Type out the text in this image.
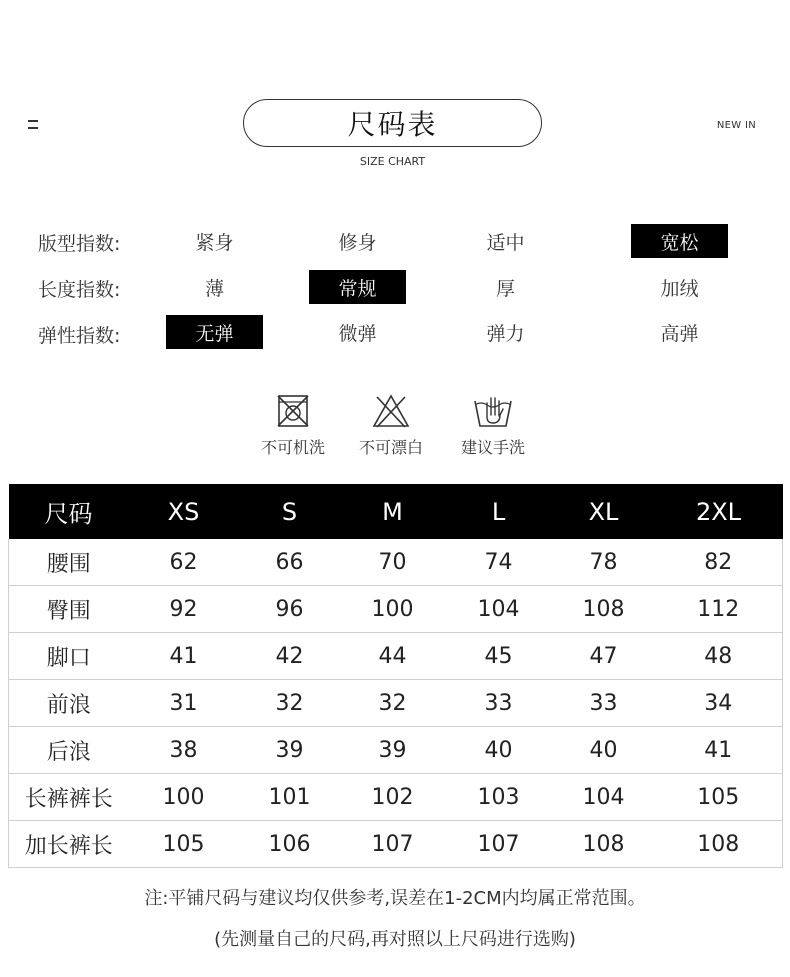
尺码表
SIZE CHART
NEW IN
版型指数:	紧身	修身	适中	宽松
长度指数:	薄	常规	厚	加绒
弹性指数:	无弹	微弹	弹力	高弹
不可机洗	不可漂白	建议手洗
尺码	XS	S	M	L	XL	2XL
腰围	62	66	70	74	78	82
臀围	92	96	100	104	108	112
脚口	41	42	44	45	47	48
前浪	31	32	32	33	33	34
后浪	38	39	39	40	40	41
长裤裤长	100	101	102	103	104	105
加长裤长	105	106	107	107	108	108
注:平铺尺码与建议均仅供参考,误差在1-2CM内均属正常范围。
(先测量自己的尺码,再对照以上尺码进行选购)
